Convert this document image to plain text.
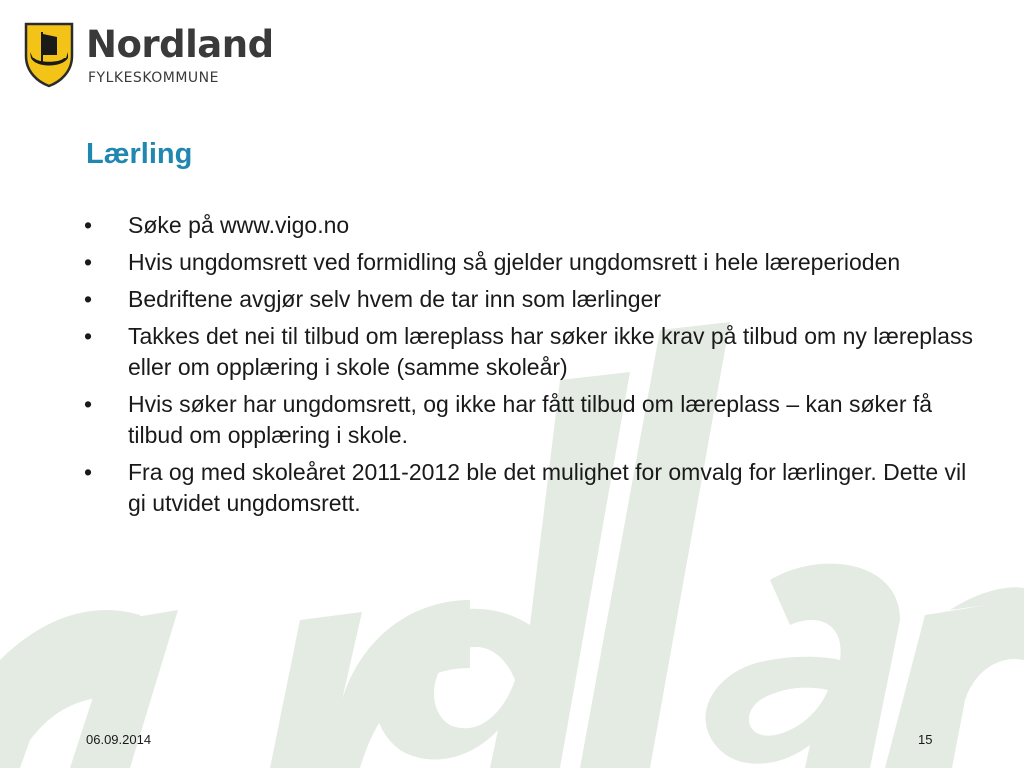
Nordland
FYLKESKOMMUNE
Lærling
• Søke på www.vigo.no
• Hvis ungdomsrett ved formidling så gjelder ungdomsrett i hele læreperioden
• Bedriftene avgjør selv hvem de tar inn som lærlinger
• Takkes det nei til tilbud om læreplass har søker ikke krav på tilbud om ny læreplass eller om opplæring i skole (samme skoleår)
• Hvis søker har ungdomsrett, og ikke har fått tilbud om læreplass – kan søker få tilbud om opplæring i skole.
• Fra og med skoleåret 2011-2012 ble det mulighet for omvalg for lærlinger. Dette vil gi utvidet ungdomsrett.
06.09.2014	15
